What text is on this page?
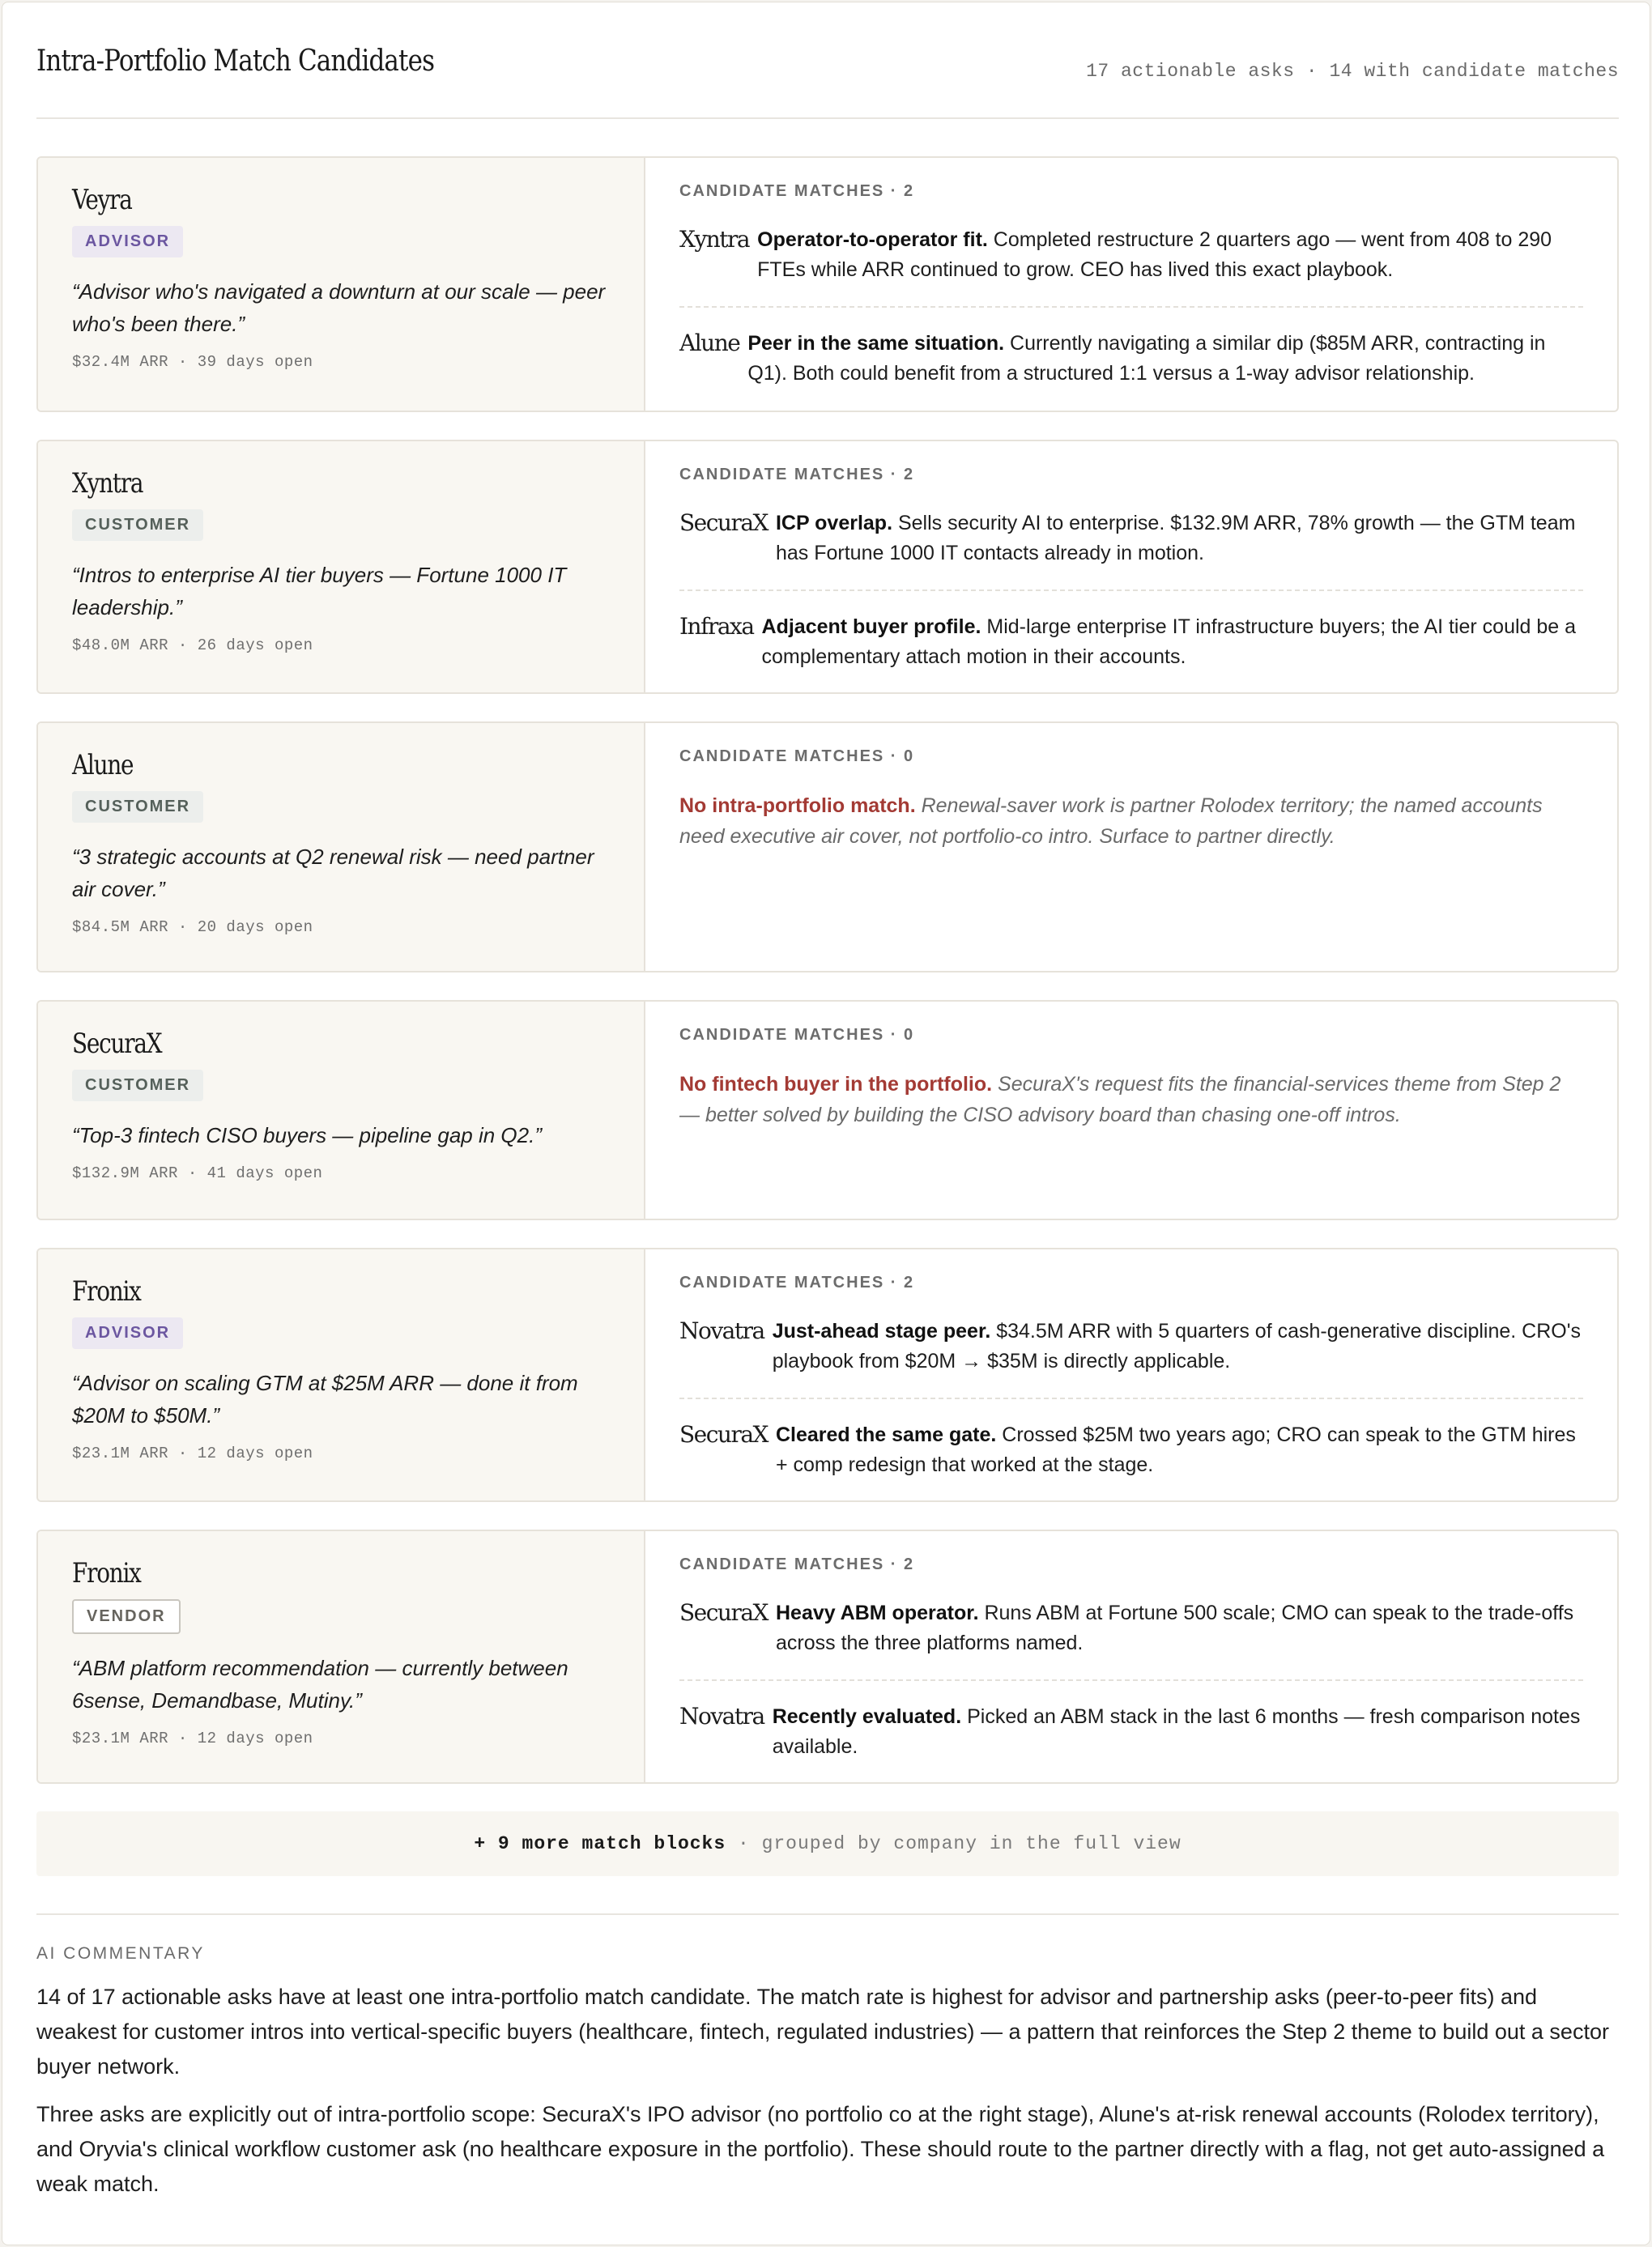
Intra-Portfolio Match Candidates	17 actionable asks · 14 with candidate matches
Veyra
ADVISOR
“Advisor who's navigated a downturn at our scale — peer who's been there.”
$32.4M ARR · 39 days open
CANDIDATE MATCHES · 2
Xyntra Operator-to-operator fit. Completed restructure 2 quarters ago — went from 408 to 290 FTEs while ARR continued to grow. CEO has lived this exact playbook.
Alune Peer in the same situation. Currently navigating a similar dip ($85M ARR, contracting in Q1). Both could benefit from a structured 1:1 versus a 1-way advisor relationship.
Xyntra
CUSTOMER
“Intros to enterprise AI tier buyers — Fortune 1000 IT leadership.”
$48.0M ARR · 26 days open
CANDIDATE MATCHES · 2
SecuraX ICP overlap. Sells security AI to enterprise. $132.9M ARR, 78% growth — the GTM team has Fortune 1000 IT contacts already in motion.
Infraxa Adjacent buyer profile. Mid-large enterprise IT infrastructure buyers; the AI tier could be a complementary attach motion in their accounts.
Alune
CUSTOMER
“3 strategic accounts at Q2 renewal risk — need partner air cover.”
$84.5M ARR · 20 days open
CANDIDATE MATCHES · 0
No intra-portfolio match. Renewal-saver work is partner Rolodex territory; the named accounts need executive air cover, not portfolio-co intro. Surface to partner directly.
SecuraX
CUSTOMER
“Top-3 fintech CISO buyers — pipeline gap in Q2.”
$132.9M ARR · 41 days open
CANDIDATE MATCHES · 0
No fintech buyer in the portfolio. SecuraX's request fits the financial-services theme from Step 2 — better solved by building the CISO advisory board than chasing one-off intros.
Fronix
ADVISOR
“Advisor on scaling GTM at $25M ARR — done it from $20M to $50M.”
$23.1M ARR · 12 days open
CANDIDATE MATCHES · 2
Novatra Just-ahead stage peer. $34.5M ARR with 5 quarters of cash-generative discipline. CRO's playbook from $20M → $35M is directly applicable.
SecuraX Cleared the same gate. Crossed $25M two years ago; CRO can speak to the GTM hires + comp redesign that worked at the stage.
Fronix
VENDOR
“ABM platform recommendation — currently between 6sense, Demandbase, Mutiny.”
$23.1M ARR · 12 days open
CANDIDATE MATCHES · 2
SecuraX Heavy ABM operator. Runs ABM at Fortune 500 scale; CMO can speak to the trade-offs across the three platforms named.
Novatra Recently evaluated. Picked an ABM stack in the last 6 months — fresh comparison notes available.
+ 9 more match blocks · grouped by company in the full view
AI COMMENTARY

14 of 17 actionable asks have at least one intra-portfolio match candidate. The match rate is highest for advisor and partnership asks (peer-to-peer fits) and weakest for customer intros into vertical-specific buyers (healthcare, fintech, regulated industries) — a pattern that reinforces the Step 2 theme to build out a sector buyer network.

Three asks are explicitly out of intra-portfolio scope: SecuraX's IPO advisor (no portfolio co at the right stage), Alune's at-risk renewal accounts (Rolodex territory), and Oryvia's clinical workflow customer ask (no healthcare exposure in the portfolio). These should route to the partner directly with a flag, not get auto-assigned a weak match.
